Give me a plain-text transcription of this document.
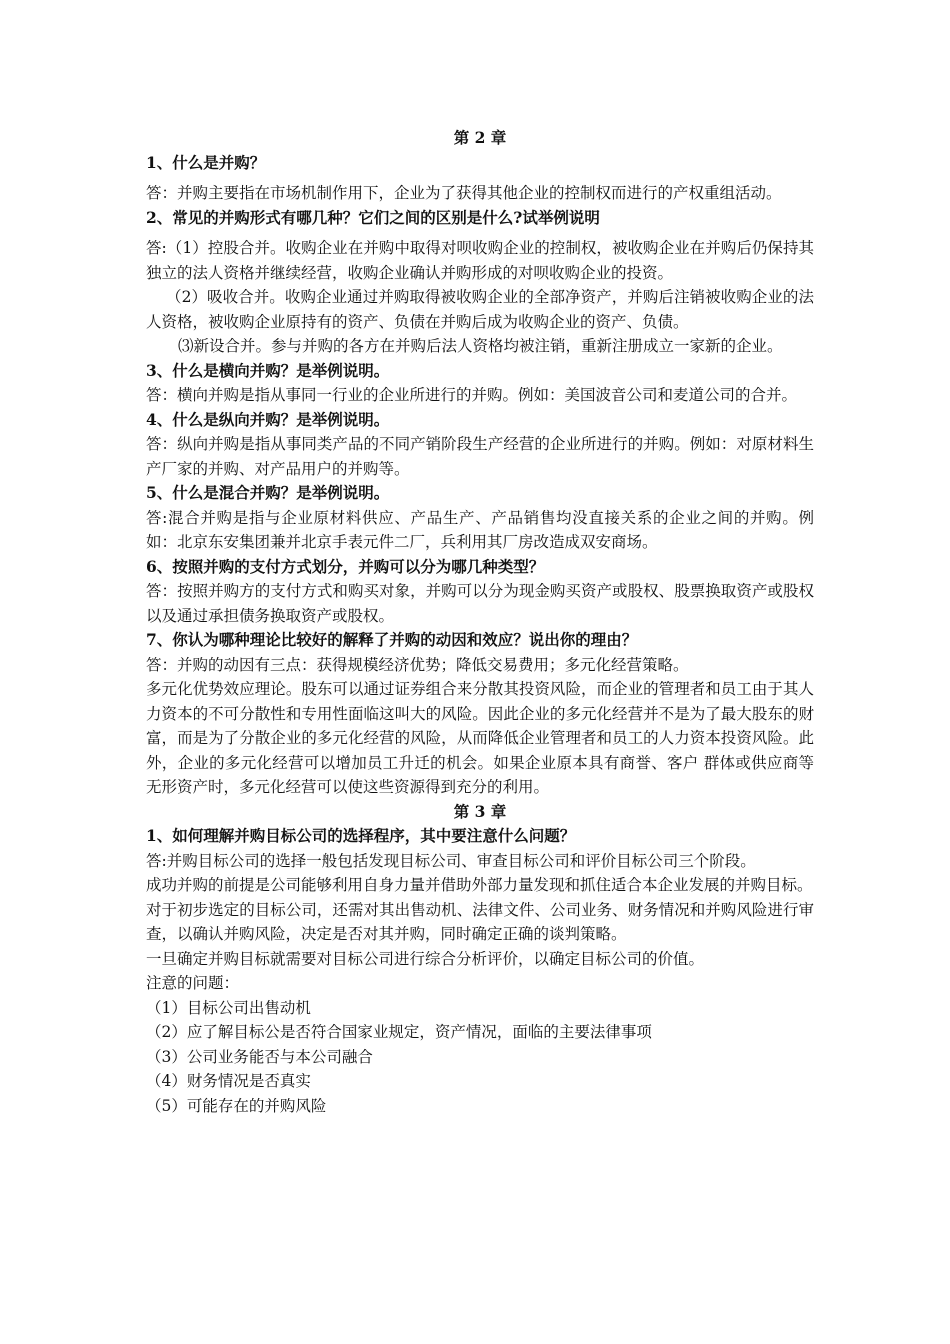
第 2 章
1、什么是并购？
答：并购主要指在市场机制作用下，企业为了获得其他企业的控制权而进行的产权重组活动。
2、常见的并购形式有哪几种？它们之间的区别是什么?试举例说明
答:（1）控股合并。收购企业在并购中取得对呗收购企业的控制权，被收购企业在并购后仍保持其独立的法人资格并继续经营，收购企业确认并购形成的对呗收购企业的投资。
（2）吸收合并。收购企业通过并购取得被收购企业的全部净资产，并购后注销被收购企业的法人资格，被收购企业原持有的资产、负债在并购后成为收购企业的资产、负债。
⑶新设合并。参与并购的各方在并购后法人资格均被注销，重新注册成立一家新的企业。
3、什么是横向并购？是举例说明。
答：横向并购是指从事同一行业的企业所进行的并购。例如：美国波音公司和麦道公司的合并。
4、什么是纵向并购？是举例说明。
答：纵向并购是指从事同类产品的不同产销阶段生产经营的企业所进行的并购。例如：对原材料生产厂家的并购、对产品用户的并购等。
5、什么是混合并购？是举例说明。
答:混合并购是指与企业原材料供应、产品生产、产品销售均没直接关系的企业之间的并购。例如：北京东安集团兼并北京手表元件二厂，兵利用其厂房改造成双安商场。
6、按照并购的支付方式划分，并购可以分为哪几种类型？
答：按照并购方的支付方式和购买对象，并购可以分为现金购买资产或股权、股票换取资产或股权以及通过承担债务换取资产或股权。
7、你认为哪种理论比较好的解释了并购的动因和效应？说出你的理由？
答：并购的动因有三点：获得规模经济优势；降低交易费用；多元化经营策略。
多元化优势效应理论。股东可以通过证券组合来分散其投资风险，而企业的管理者和员工由于其人力资本的不可分散性和专用性面临这叫大的风险。因此企业的多元化经营并不是为了最大股东的财富，而是为了分散企业的多元化经营的风险，从而降低企业管理者和员工的人力资本投资风险。此外，企业的多元化经营可以增加员工升迁的机会。如果企业原本具有商誉、客户 群体或供应商等无形资产时，多元化经营可以使这些资源得到充分的利用。
第 3 章
1、如何理解并购目标公司的选择程序，其中要注意什么问题？
答:并购目标公司的选择一般包括发现目标公司、审查目标公司和评价目标公司三个阶段。
成功并购的前提是公司能够利用自身力量并借助外部力量发现和抓住适合本企业发展的并购目标。
对于初步选定的目标公司，还需对其出售动机、法律文件、公司业务、财务情况和并购风险进行审查，以确认并购风险，决定是否对其并购，同时确定正确的谈判策略。
一旦确定并购目标就需要对目标公司进行综合分析评价，以确定目标公司的价值。
注意的问题：
（1）目标公司出售动机
（2）应了解目标公是否符合国家业规定，资产情况，面临的主要法律事项
（3）公司业务能否与本公司融合
（4）财务情况是否真实
（5）可能存在的并购风险
